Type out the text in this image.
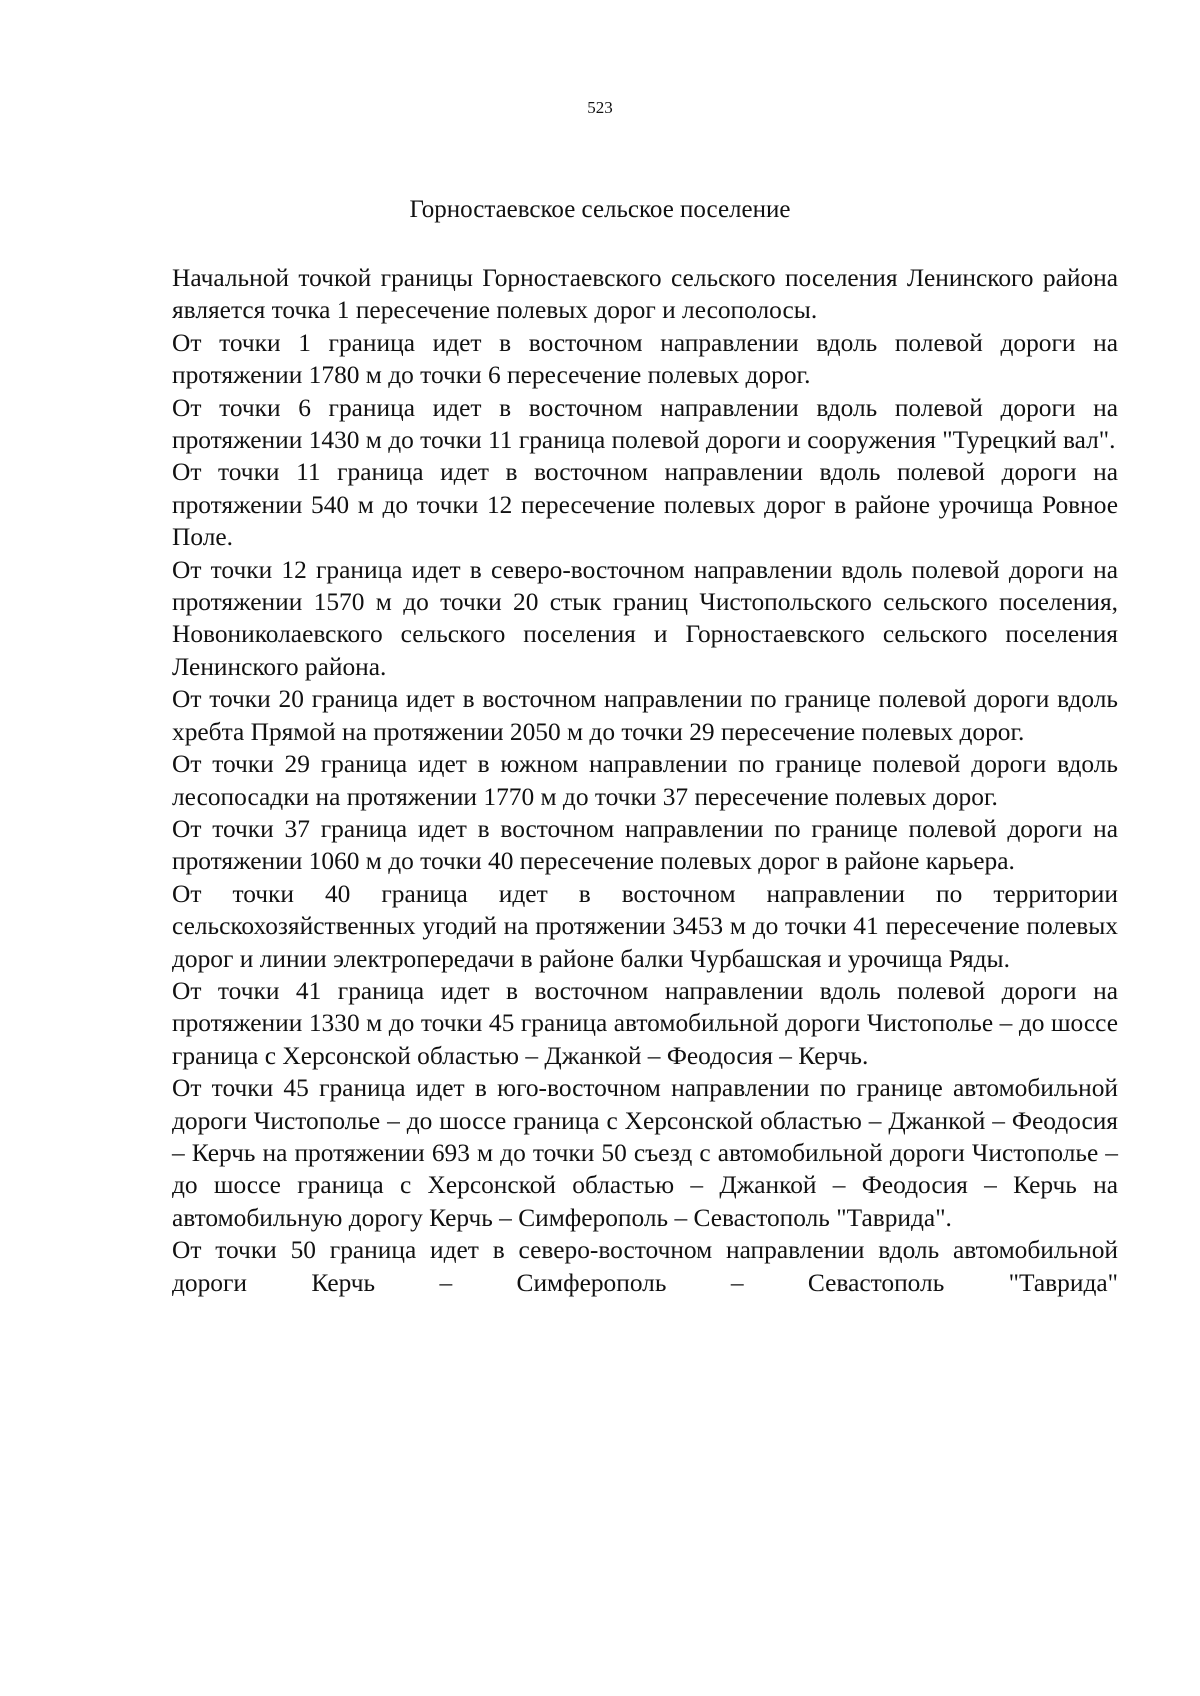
523
Горностаевское сельское поселение

Начальной точкой границы Горностаевского сельского поселения Ленинского района является точка 1 пересечение полевых дорог и лесополосы.

От точки 1 граница идет в восточном направлении вдоль полевой дороги на протяжении 1780 м до точки 6 пересечение полевых дорог.

От точки 6 граница идет в восточном направлении вдоль полевой дороги на протяжении 1430 м до точки 11 граница полевой дороги и сооружения "Турецкий вал".

От точки 11 граница идет в восточном направлении вдоль полевой дороги на протяжении 540 м до точки 12 пересечение полевых дорог в районе урочища Ровное Поле.

От точки 12 граница идет в северо-восточном направлении вдоль полевой дороги на протяжении 1570 м до точки 20 стык границ Чистопольского сельского поселения, Новониколаевского сельского поселения и Горностаевского сельского поселения Ленинского района.

От точки 20 граница идет в восточном направлении по границе полевой дороги вдоль хребта Прямой на протяжении 2050 м до точки 29 пересечение полевых дорог.

От точки 29 граница идет в южном направлении по границе полевой дороги вдоль лесопосадки на протяжении 1770 м до точки 37 пересечение полевых дорог.

От точки 37 граница идет в восточном направлении по границе полевой дороги на протяжении 1060 м до точки 40 пересечение полевых дорог в районе карьера.

От точки 40 граница идет в восточном направлении по территории сельскохозяйственных угодий на протяжении 3453 м до точки 41 пересечение полевых дорог и линии электропередачи в районе балки Чурбашская и урочища Ряды.

От точки 41 граница идет в восточном направлении вдоль полевой дороги на протяжении 1330 м до точки 45 граница автомобильной дороги Чистополье – до шоссе граница с Херсонской областью – Джанкой – Феодосия – Керчь.

От точки 45 граница идет в юго-восточном направлении по границе автомобильной дороги Чистополье – до шоссе граница с Херсонской областью – Джанкой – Феодосия – Керчь на протяжении 693 м до точки 50 съезд с автомобильной дороги Чистополье – до шоссе граница с Херсонской областью – Джанкой – Феодосия – Керчь на автомобильную дорогу Керчь – Симферополь – Севастополь "Таврида".

От точки 50 граница идет в северо-восточном направлении вдоль автомобильной дороги Керчь – Симферополь – Севастополь "Таврида"
